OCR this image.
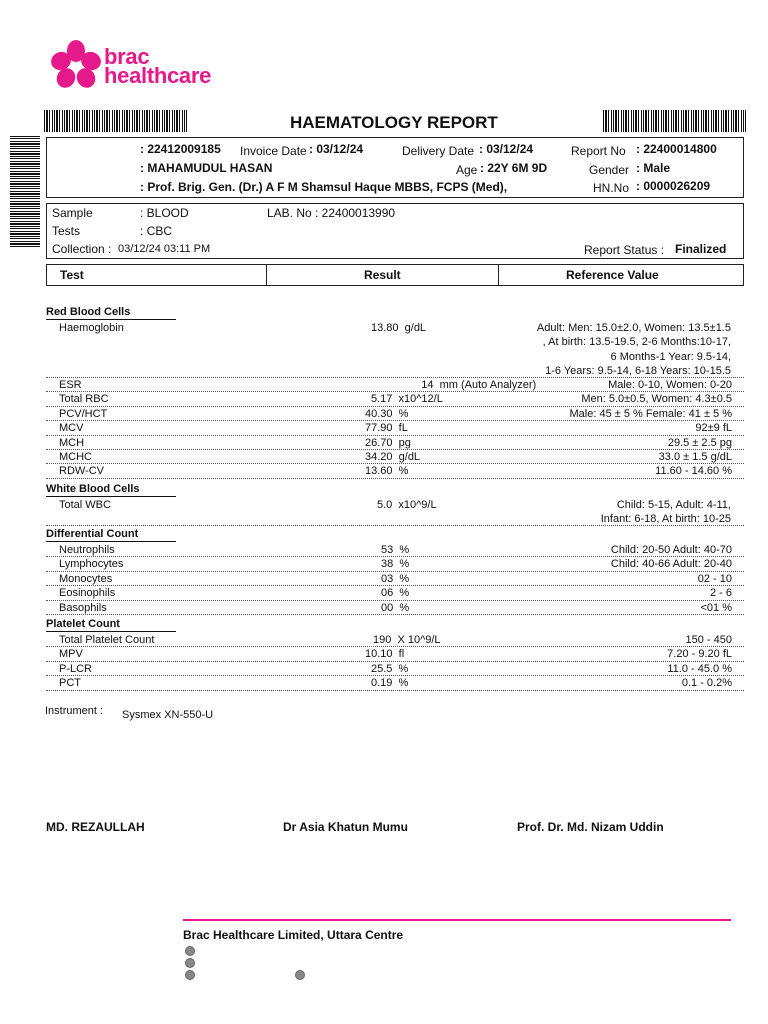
brac
healthcare
HAEMATOLOGY REPORT
: 22412009185 Invoice Date : 03/12/24	Delivery Date : 03/12/24	Report No : 22400014800
: MAHAMUDUL HASAN	Age : 22Y 6M 9D	Gender : Male
: Prof. Brig. Gen. (Dr.) A F M Shamsul Haque MBBS, FCPS (Med),	HN.No : 0000026209
Sample	: BLOOD	LAB. No : 22400013990
Tests	: CBC
Collection : 03/12/24 03:11 PM	Report Status : Finalized
Test	Result	Reference Value
Red Blood Cells
Haemoglobin	13.80  g/dL	Adult: Men: 15.0±2.0, Women: 13.5±1.5
, At birth: 13.5-19.5, 2-6 Months:10-17,
6 Months-1 Year: 9.5-14,
1-6 Years: 9.5-14, 6-18 Years: 10-15.5
ESR	14  mm (Auto Analyzer)	Male: 0-10, Women: 0-20
Total RBC	5.17  x10^12/L	Men: 5.0±0.5, Women: 4.3±0.5
PCV/HCT	40.30  %	Male: 45 ± 5 % Female: 41 ± 5 %
MCV	77.90  fL	92±9 fL
MCH	26.70  pg	29.5 ± 2.5 pg
MCHC	34.20  g/dL	33.0 ± 1.5 g/dL
RDW-CV	13.60  %	11.60 - 14.60 %
White Blood Cells
Total WBC	5.0  x10^9/L	Child: 5-15, Adult: 4-11,
Infant: 6-18, At birth: 10-25
Differential Count
Neutrophils	53  %	Child: 20-50 Adult: 40-70
Lymphocytes	38  %	Child: 40-66 Adult: 20-40
Monocytes	03  %	02 - 10
Eosinophils	06  %	2 - 6
Basophils	00  %	<01 %
Platelet Count
Total Platelet Count	190  X 10^9/L	150 - 450
MPV	10.10  fl	7.20 - 9.20 fL
P-LCR	25.5  %	11.0 - 45.0 %
PCT	0.19  %	0.1 - 0.2%
Instrument : Sysmex XN-550-U
MD. REZAULLAH	Dr Asia Khatun Mumu	Prof. Dr. Md. Nizam Uddin
Brac Healthcare Limited, Uttara Centre
